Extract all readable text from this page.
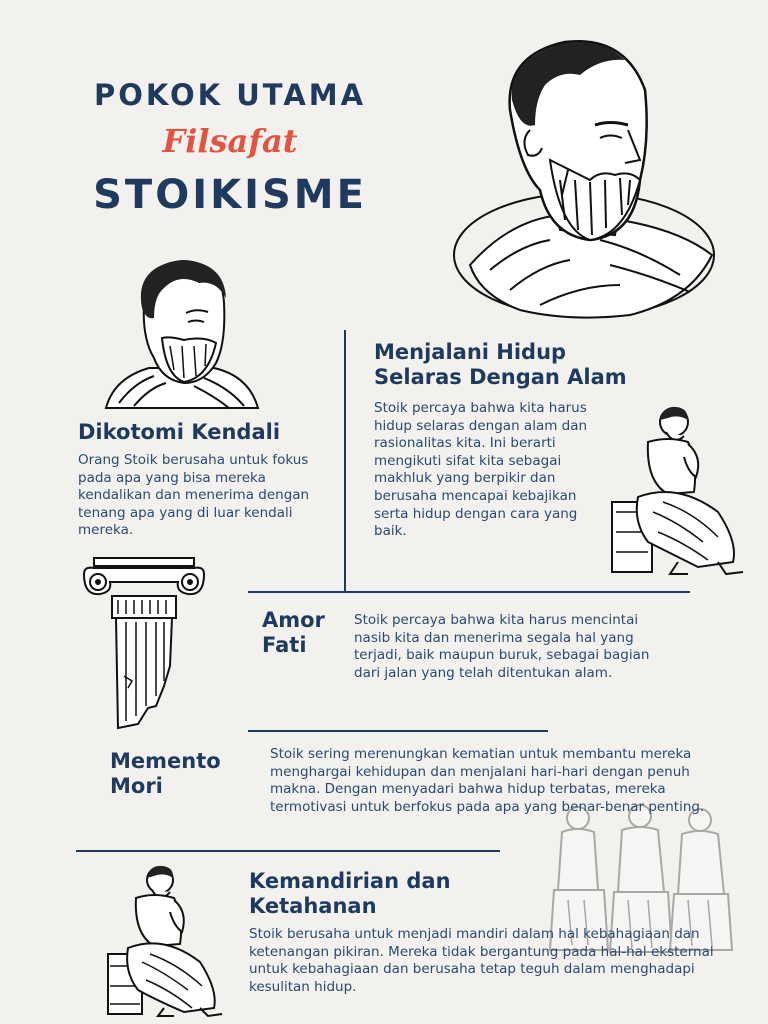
POKOK UTAMA
Filsafat
STOIKISME
Menjalani Hidup
Selaras Dengan Alam
Stoik percaya bahwa kita harus hidup selaras dengan alam dan rasionalitas kita. Ini berarti mengikuti sifat kita sebagai makhluk yang berpikir dan berusaha mencapai kebajikan serta hidup dengan cara yang baik.
Dikotomi Kendali
Orang Stoik berusaha untuk fokus pada apa yang bisa mereka kendalikan dan menerima dengan tenang apa yang di luar kendali mereka.
Amor
Fati
Stoik percaya bahwa kita harus mencintai nasib kita dan menerima segala hal yang terjadi, baik maupun buruk, sebagai bagian dari jalan yang telah ditentukan alam.
Memento
Mori
Stoik sering merenungkan kematian untuk membantu mereka menghargai kehidupan dan menjalani hari-hari dengan penuh makna. Dengan menyadari bahwa hidup terbatas, mereka termotivasi untuk berfokus pada apa yang benar-benar penting.
Kemandirian dan
Ketahanan
Stoik berusaha untuk menjadi mandiri dalam hal kebahagiaan dan ketenangan pikiran. Mereka tidak bergantung pada hal-hal eksternal untuk kebahagiaan dan berusaha tetap teguh dalam menghadapi kesulitan hidup.
